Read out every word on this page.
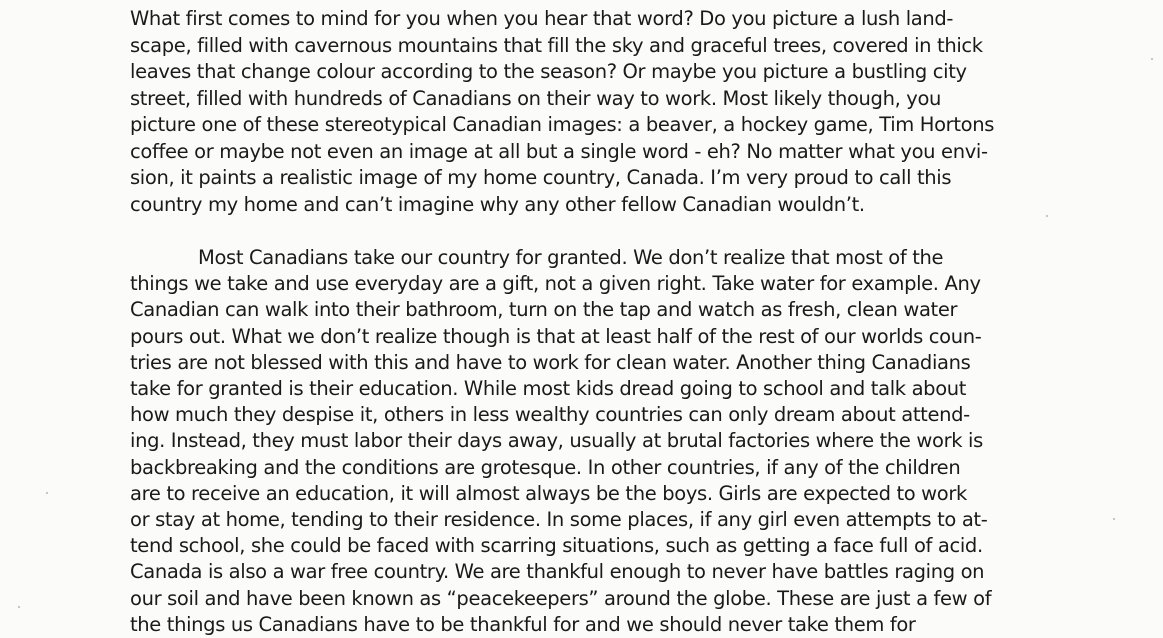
What first comes to mind for you when you hear that word? Do you picture a lush land-
scape, filled with cavernous mountains that fill the sky and graceful trees, covered in thick
leaves that change colour according to the season? Or maybe you picture a bustling city
street, filled with hundreds of Canadians on their way to work. Most likely though, you
picture one of these stereotypical Canadian images: a beaver, a hockey game, Tim Hortons
coffee or maybe not even an image at all but a single word - eh? No matter what you envi-
sion, it paints a realistic image of my home country, Canada. I’m very proud to call this
country my home and can’t imagine why any other fellow Canadian wouldn’t.
Most Canadians take our country for granted. We don’t realize that most of the
things we take and use everyday are a gift, not a given right. Take water for example. Any
Canadian can walk into their bathroom, turn on the tap and watch as fresh, clean water
pours out. What we don’t realize though is that at least half of the rest of our worlds coun-
tries are not blessed with this and have to work for clean water. Another thing Canadians
take for granted is their education. While most kids dread going to school and talk about
how much they despise it, others in less wealthy countries can only dream about attend-
ing. Instead, they must labor their days away, usually at brutal factories where the work is
backbreaking and the conditions are grotesque. In other countries, if any of the children
are to receive an education, it will almost always be the boys. Girls are expected to work
or stay at home, tending to their residence. In some places, if any girl even attempts to at-
tend school, she could be faced with scarring situations, such as getting a face full of acid.
Canada is also a war free country. We are thankful enough to never have battles raging on
our soil and have been known as “peacekeepers” around the globe. These are just a few of
the things us Canadians have to be thankful for and we should never take them for
